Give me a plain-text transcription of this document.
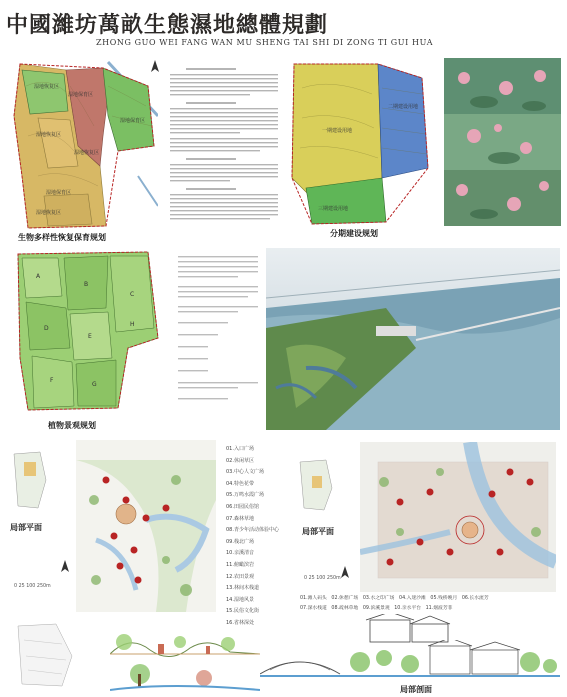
中國濰坊萬畝生態濕地總體規劃
ZHONG GUO WEI FANG WAN MU SHENG TAI SHI DI ZONG TI GUI HUA
湿地恢复区
湿地保育区
湿地保育区
湿地恢复区
湿地恢复区
湿地保育区
湿地恢复区
生物多样性恢复保育规划
一期建设用地
二期建设用地
三期建设用地
分期建设规划
A
B
C
D
E
F
G
H
植物景观规划
局部平面
0 25 100 250m
01.入口广场
02.休闲草区
03.中心人文广场
04.特色花带
05.万鸣水霞广场
06.田园民俗馆
07.森林草地
08.青少年活动体验中心
09.栈北广场
10.亲溪清音
11.俯瞰滨岩
12.农田景观
13.林间木栈道
14.湿地风景
15.民俗文化街
16.省林深处
局部平面
0 25 100 250m
01.滩人码头 02.休憩广场 03.水之印广场 04.入迷沙滩 05.残桥晚月 06.长水流芳
07.深水栈道 08.疏林草地 09.滨溪景观 10.亲水平台 11.烟波芳菲
局部剖面
